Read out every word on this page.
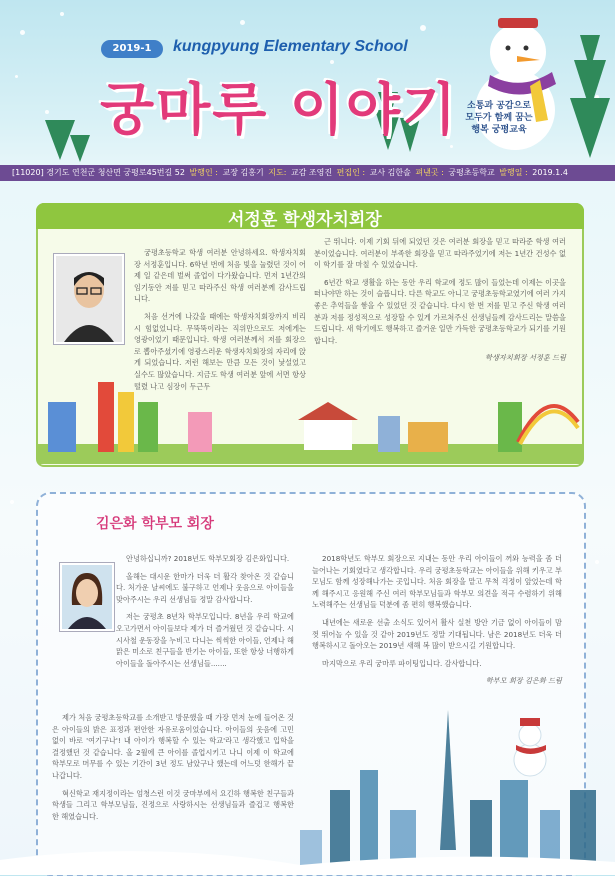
2019-1	kungpyung Elementary School
궁마루 이야기 소통과 공감으로
모두가 함께 꿈는
행복 궁평교육
[11020] 경기도 연천군 청산면 궁평로45번길 52 발행인 : 교장 김홍기 지도: 교감 조영진 편집인 : 교사 김한솔 펴낸곳 : 궁평초등학교 발행일 : 2019.1.4
서정훈 학생자치회장

궁평초등학교 학생 여러분 안녕하세요. 학생자치회장 서정훈입니다. 6학년 번에 처음 빛을 눌렸던 것이 어제 일 같은데 벌써 졸업이 다가왔습니다. 먼저 1년간의 임기동안 저를 믿고 따라주신 학생 여러분께 감사드립니다.

처음 선거에 나갔을 때에는 학생자치회장까지 비리시 힘없었니다. 무뚝뚝이라는 직위만으로도 저에게는 영광이었기 때문입니다. 학생 여러분께서 저를 회장으로 뽑아주셨기에 영광스러운 학생자치회장의 자리에 앉게 되었습니다. 저런 해보는 만큼 모든 것이 낯설었고 실수도 많았습니다. 지금도 학생 여러분 앞에 서면 항상 떨렸 나고 심장이 두근두

근 뛰니다. 이제 기회 뒤에 되었던 것은 여러분 회장을 믿고 따라준 학생 여러분이었습니다. 여러분이 부족한 회장을 믿고 따라주었기에 저는 1년간 건성수 없이 학기를 잘 마칠 수 있었습니다.

6년간 학교 생활을 하는 동안 우리 학교에 정도 많이 들었는데 이제는 이곳을 떠나야만 하는 것이 슬픕니다. 다른 학교도 아니고 궁평초등학교였기에 여러 가지 좋은 추억들을 쌓을 수 있었던 것 같습니다. 다시 한 번 저를 믿고 주신 학생 여러분과 저를 정성적으로 성장할 수 있게 가르쳐주신 선생님들께 감사드리는 말씀을 드립니다. 새 학기에도 행복하고 즐거운 일만 가득한 궁평초등학교가 되기를 기원합니다.

학생자치회장 서정훈 드림
김은화 학부모 회장

안녕하십니까? 2018년도 학부모회장 김은화입니다.

올해는 대시운 한마가 더욱 더 활각 찾아온 것 같습니다. 처가운 날씨에도 불구하고 언제나 웃음으로 아이들을 맞아주시는 우리 선생님들 정말 감사합니다.

저는 궁평초 8년차 학부모입니다. 8년을 우리 학교에 오고가면서 아이들보다 제가 더 즐거웠던 것 같습니다. 시시사철 운동장을 누비고 다니는 씩씩한 아이들, 언제나 해맑은 미소로 친구들을 반기는 아이들, 또한 항상 너행하게 아이들을 돌아주시는 선생님들.......

제가 처음 궁평초등학교를 소개받고 방문했을 때 가장 먼저 눈에 들어온 것은 아이들의 밝은 표정과 편안한 자유로움이었습니다. 아이들의 웃음에 고민 없이 바로 '여기구나'! 내 아이가 행복할 수 있는 학교'라고 생각했고 입학을 결정했던 것 같습니다. 올 2월에 큰 아이를 졸업시키고 나니 이제 이 학교에 학부모로 머무를 수 있는 기간이 3년 정도 남았구나 했는데 어느덧 한해가 끝나갑니다.

혁신학교 재지정이라는 엄청스런 이것 궁마부에서 요긴하 행복한 친구들과 학생들 그리고 학부모님들, 진정으로 사랑하시는 선생님들과 즐겁고 행복한 한 해였습니다.

2018학년도 학부모 회장으로 지내는 동안 우리 아이들이 꺼와 능력을 좀 더 늘어나는 기회였다고 생각합니다. 우리 궁평초등학교는 아이들을 위해 키우고 부모님도 함께 성장해나가는 곳입니다. 처음 회장을 맡고 무척 걱정이 앞었는데 학께 해주시고 응원해 주신 여러 학부모님들과 학부모 의견을 적극 수렴하기 위해 노력해주는 선생님들 덕분에 좀 편히 행복했습니다.

내년에는 새로운 선출 소식도 있어서 활사 실천 방안 기금 없이 아이들이 맘껏 뛰어놀 수 있을 것 같아 2019년도 정말 기대됩니다. 남은 2018년도 더욱 더 행복하시고 돌아오는 2019년 새해 복 많이 받으시길 기원합니다.

마지막으로 우리 궁마루 파이팅입니다. 감사합니다.

학부모 회장 김은화 드림
